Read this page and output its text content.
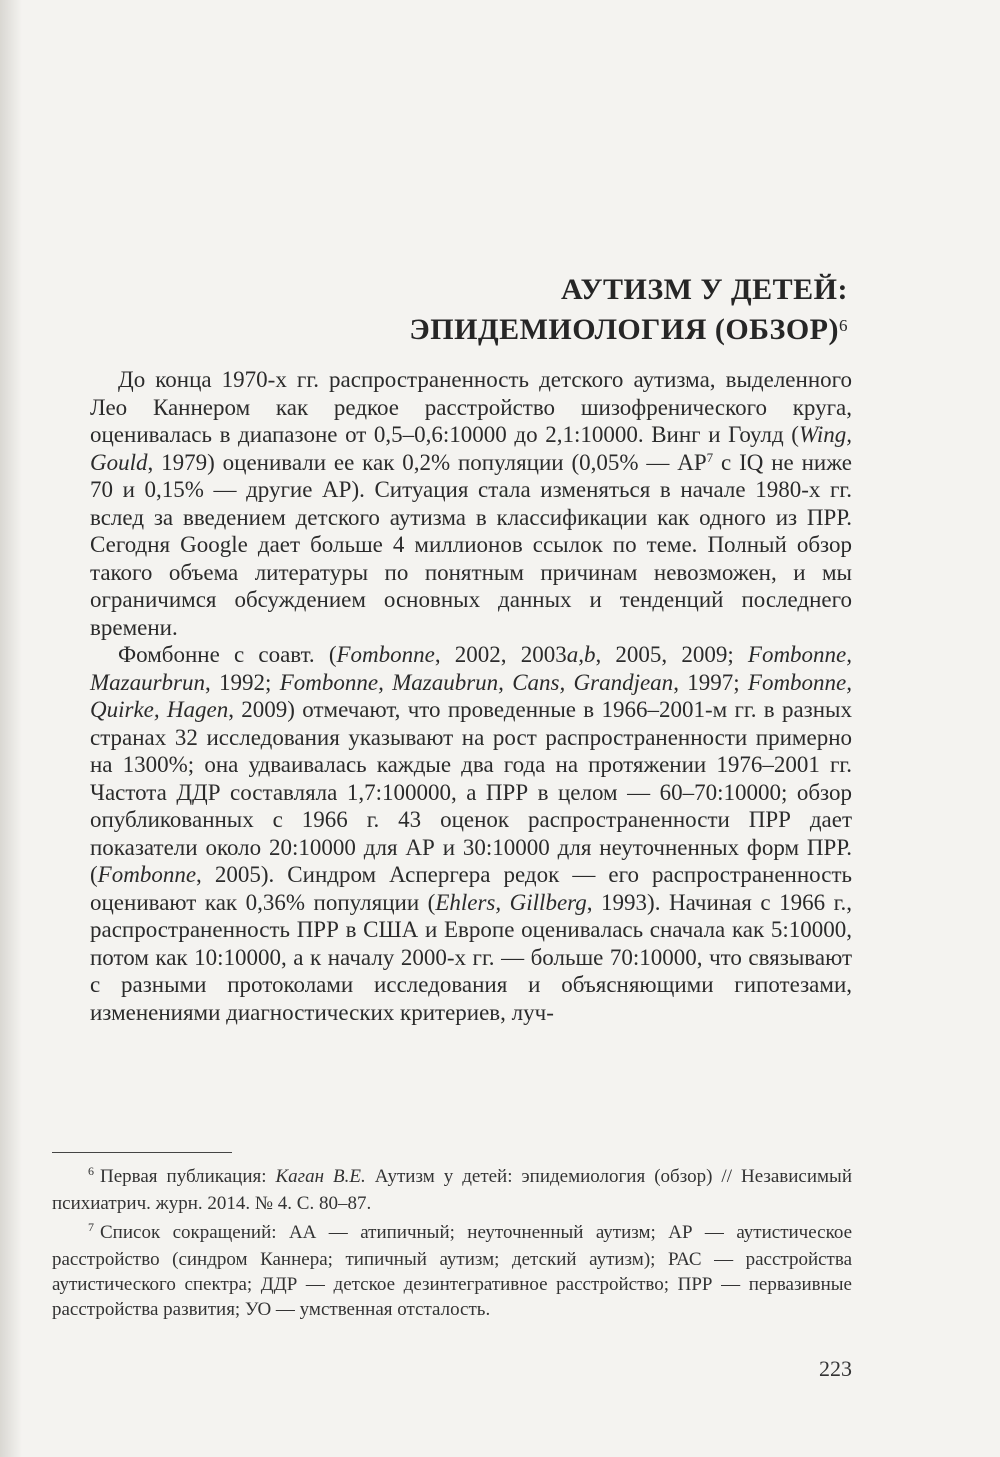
АУТИЗМ У ДЕТЕЙ:
ЭПИДЕМИОЛОГИЯ (ОБЗОР)$^6$

До конца 1970-х гг. распространенность детского аутизма, выделенного Лео Каннером как редкое расстройство шизофренического круга, оценивалась в диапазоне от 0,5–0,6:10000 до 2,1:10000. Винг и Гоулд (Wing, Gould, 1979) оценивали ее как 0,2% популяции (0,05% — АР$^7$ с IQ не ниже 70 и 0,15% — другие АР). Ситуация стала изменяться в начале 1980-х гг. вслед за введением детского аутизма в классификации как одного из ПРР. Сегодня Google дает больше 4 миллионов ссылок по теме. Полный обзор такого объема литературы по понятным причинам невозможен, и мы ограничимся обсуждением основных данных и тенденций последнего времени.

Фомбонне с соавт. (Fombonne, 2002, 2003a,b, 2005, 2009; Fombonne, Mazaurbrun, 1992; Fombonne, Mazaubrun, Cans, Grandjean, 1997; Fombonne, Quirke, Hagen, 2009) отмечают, что проведенные в 1966–2001-м гг. в разных странах 32 исследования указывают на рост распространенности примерно на 1300%; она удваивалась каждые два года на протяжении 1976–2001 гг. Частота ДДР составляла 1,7:100000, а ПРР в целом — 60–70:10000; обзор опубликованных с 1966 г. 43 оценок распространенности ПРР дает показатели около 20:10000 для АР и 30:10000 для неуточненных форм ПРР. (Fombonne, 2005). Синдром Аспергера редок — его распространенность оценивают как 0,36% популяции (Ehlers, Gillberg, 1993). Начиная с 1966 г., распространенность ПРР в США и Европе оценивалась сначала как 5:10000, потом как 10:10000, а к началу 2000-х гг. — больше 70:10000, что связывают с разными протоколами исследования и объясняющими гипотезами, изменениями диагностических критериев, луч-

$^6$ Первая публикация: Каган В.Е. Аутизм у детей: эпидемиология (обзор) // Независимый психиатрич. журн. 2014. № 4. С. 80–87.

$^7$ Список сокращений: АА — атипичный; неуточненный аутизм; АР — аутистическое расстройство (синдром Каннера; типичный аутизм; детский аутизм); РАС — расстройства аутистического спектра; ДДР — детское дезинтегративное расстройство; ПРР — первазивные расстройства развития; УО — умственная отсталость.

223
